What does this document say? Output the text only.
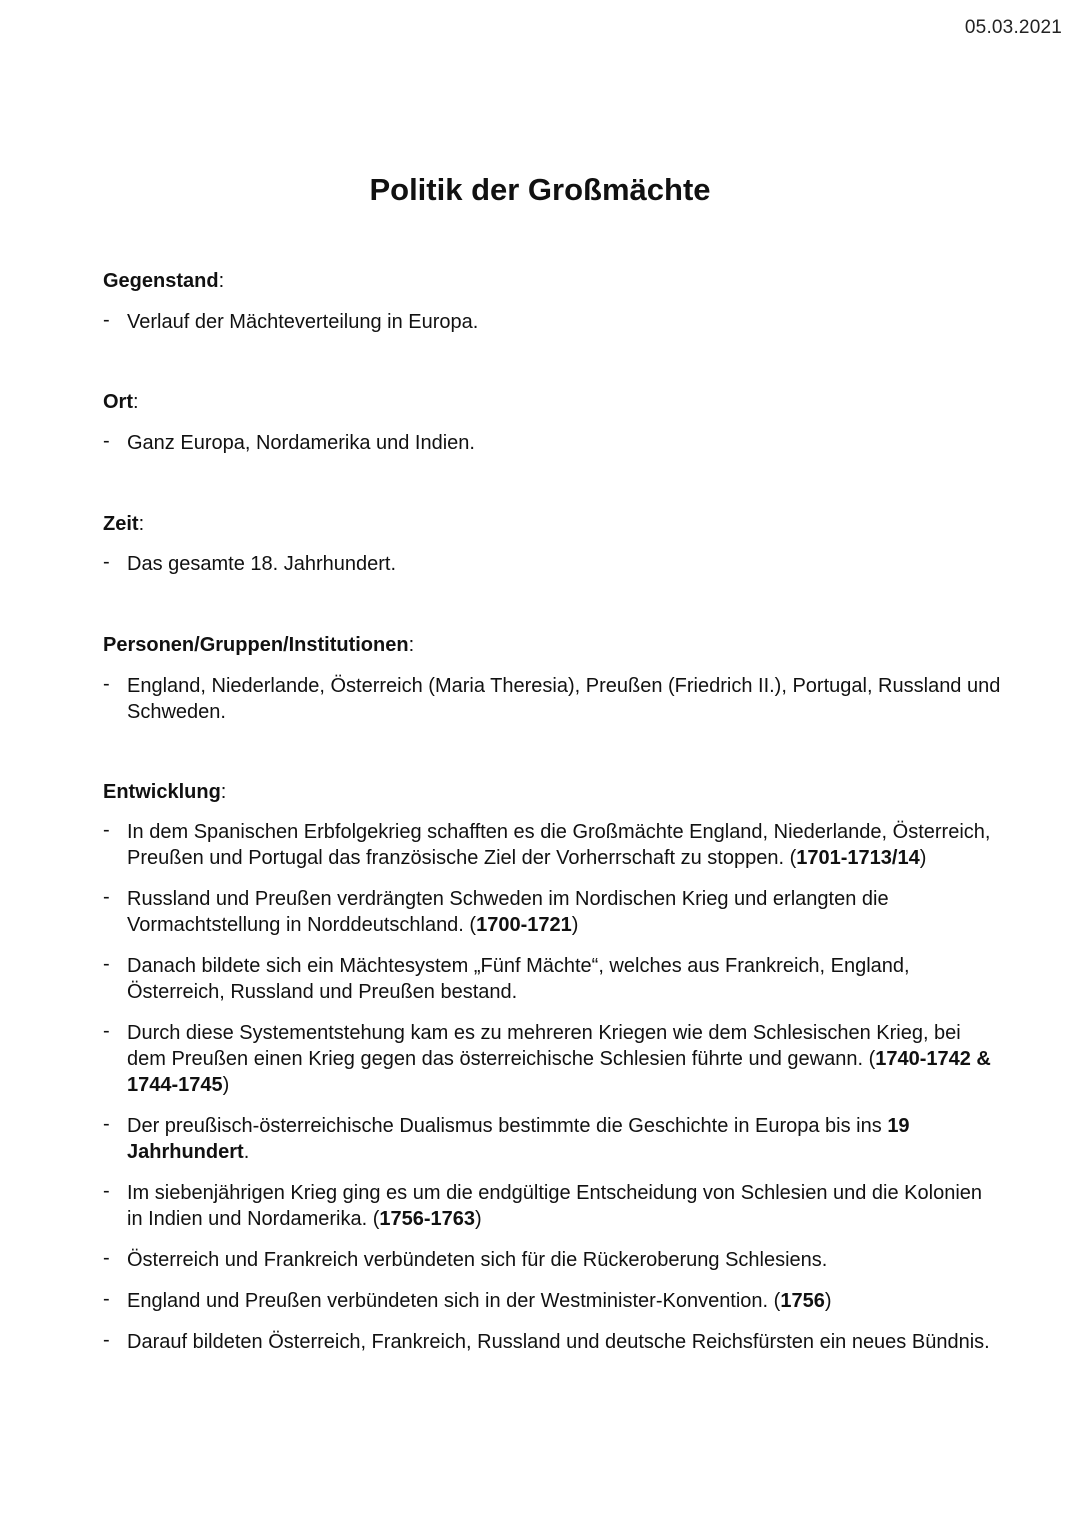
05.03.2021
Politik der Großmächte

Gegenstand:

- Verlauf der Mächteverteilung in Europa.

Ort:

- Ganz Europa, Nordamerika und Indien.

Zeit:

- Das gesamte 18. Jahrhundert.

Personen/Gruppen/Institutionen:

- England, Niederlande, Österreich (Maria Theresia), Preußen (Friedrich II.), Portugal, Russland und Schweden.

Entwicklung:

- In dem Spanischen Erbfolgekrieg schafften es die Großmächte England, Niederlande, Österreich, Preußen und Portugal das französische Ziel der Vorherrschaft zu stoppen. (1701-1713/14)
- Russland und Preußen verdrängten Schweden im Nordischen Krieg und erlangten die Vormachtstellung in Norddeutschland. (1700-1721)
- Danach bildete sich ein Mächtesystem „Fünf Mächte“, welches aus Frankreich, England, Österreich, Russland und Preußen bestand.
- Durch diese Systementstehung kam es zu mehreren Kriegen wie dem Schlesischen Krieg, bei dem Preußen einen Krieg gegen das österreichische Schlesien führte und gewann. (1740-1742 & 1744-1745)
- Der preußisch-österreichische Dualismus bestimmte die Geschichte in Europa bis ins 19 Jahrhundert.
- Im siebenjährigen Krieg ging es um die endgültige Entscheidung von Schlesien und die Kolonien in Indien und Nordamerika. (1756-1763)
- Österreich und Frankreich verbündeten sich für die Rückeroberung Schlesiens.
- England und Preußen verbündeten sich in der Westminister-Konvention. (1756)
- Darauf bildeten Österreich, Frankreich, Russland und deutsche Reichsfürsten ein neues Bündnis.
